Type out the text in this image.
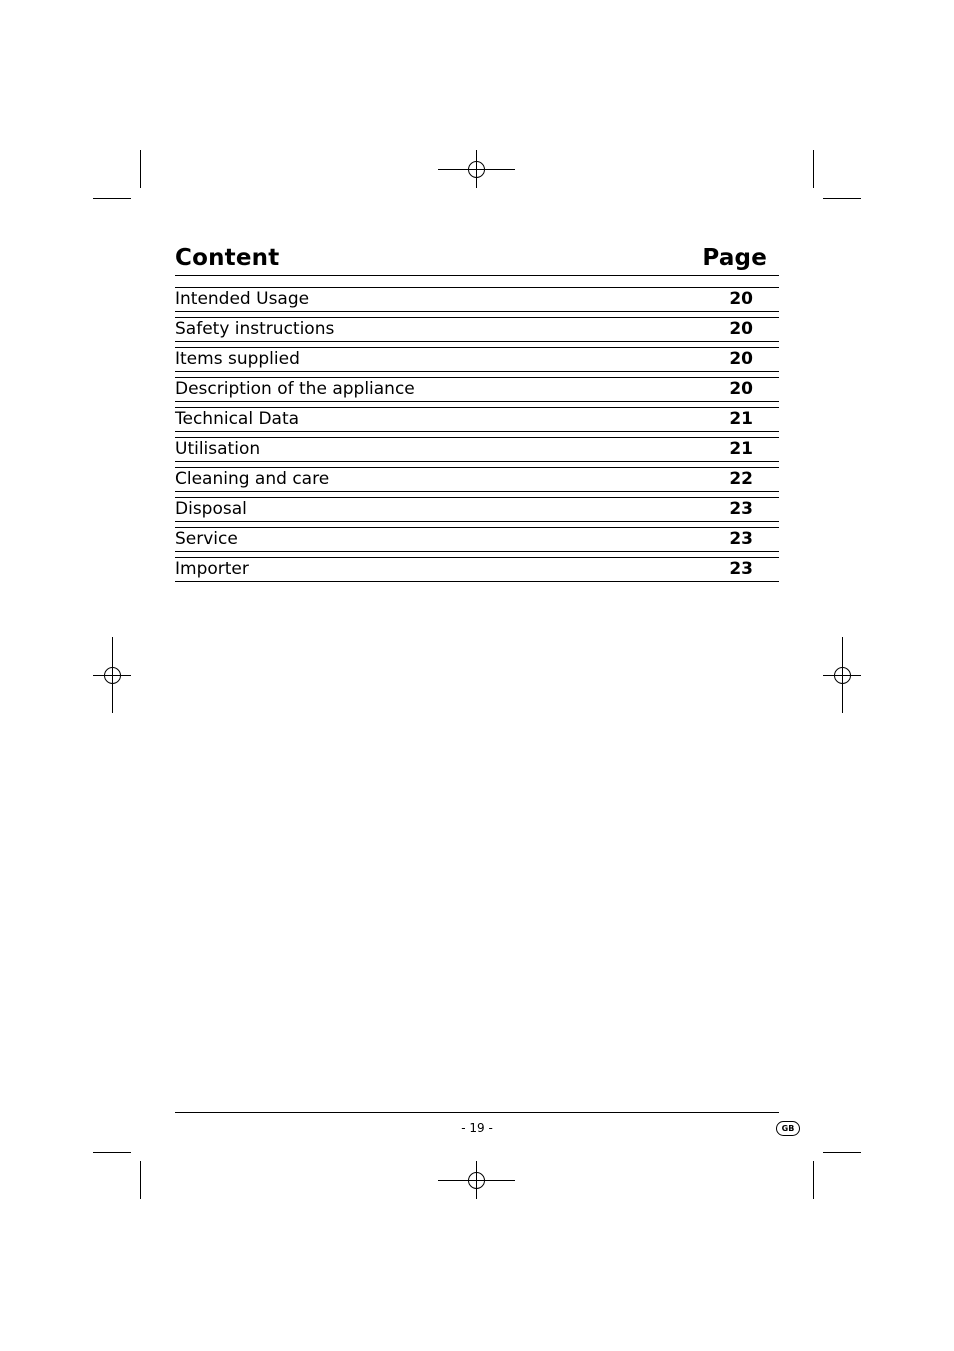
Content	Page
Intended Usage	20
Safety instructions	20
Items supplied	20
Description of the appliance	20
Technical Data	21
Utilisation	21
Cleaning and care	22
Disposal	23
Service	23
Importer	23
- 19 -	GB
